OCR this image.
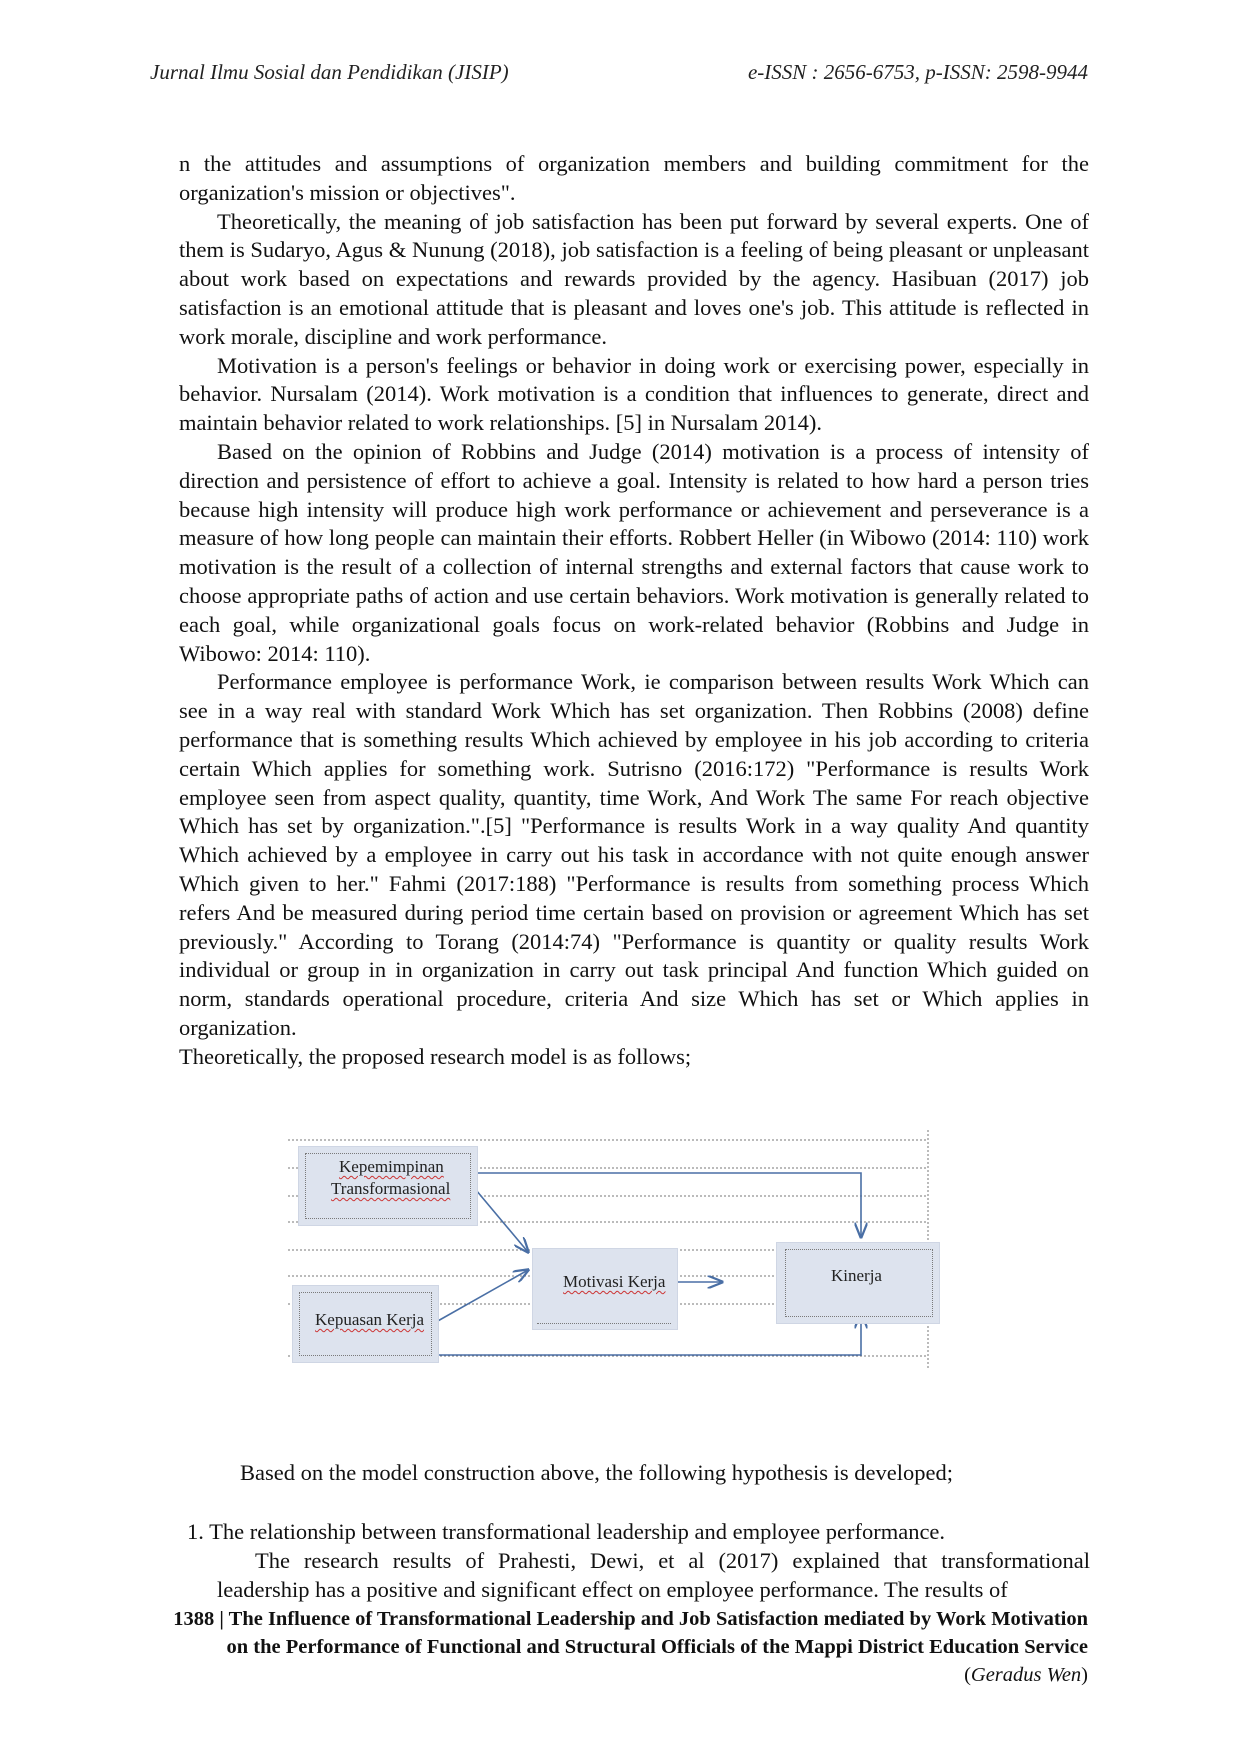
Jurnal Ilmu Sosial dan Pendidikan (JISIP)	e-ISSN : 2656-6753, p-ISSN: 2598-9944

n the attitudes and assumptions of organization members and building commitment for the organization's mission or objectives".

Theoretically, the meaning of job satisfaction has been put forward by several experts. One of them is Sudaryo, Agus & Nunung (2018), job satisfaction is a feeling of being pleasant or unpleasant about work based on expectations and rewards provided by the agency. Hasibuan (2017) job satisfaction is an emotional attitude that is pleasant and loves one's job. This attitude is reflected in work morale, discipline and work performance.

Motivation is a person's feelings or behavior in doing work or exercising power, especially in behavior. Nursalam (2014). Work motivation is a condition that influences to generate, direct and maintain behavior related to work relationships. [5] in Nursalam 2014).

Based on the opinion of Robbins and Judge (2014) motivation is a process of intensity of direction and persistence of effort to achieve a goal. Intensity is related to how hard a person tries because high intensity will produce high work performance or achievement and perseverance is a measure of how long people can maintain their efforts. Robbert Heller (in Wibowo (2014: 110) work motivation is the result of a collection of internal strengths and external factors that cause work to choose appropriate paths of action and use certain behaviors. Work motivation is generally related to each goal, while organizational goals focus on work-related behavior (Robbins and Judge in Wibowo: 2014: 110).

Performance employee is performance Work, ie comparison between results Work Which can see in a way real with standard Work Which has set organization. Then Robbins (2008) define performance that is something results Which achieved by employee in his job according to criteria certain Which applies for something work. Sutrisno (2016:172) "Performance is results Work employee seen from aspect quality, quantity, time Work, And Work The same For reach objective Which has set by organization.".[5] "Performance is results Work in a way quality And quantity Which achieved by a employee in carry out his task in accordance with not quite enough answer Which given to her." Fahmi (2017:188) "Performance is results from something process Which refers And be measured during period time certain based on provision or agreement Which has set previously." According to Torang (2014:74) "Performance is quantity or quality results Work individual or group in in organization in carry out task principal And function Which guided on norm, standards operational procedure, criteria And size Which has set or Which applies in organization.

Theoretically, the proposed research model is as follows;

Kepemimpinan
Transformasional
Kepuasan Kerja
Motivasi Kerja	Kinerja
Based on the model construction above, the following hypothesis is developed;

1. The relationship between transformational leadership and employee performance.

The research results of Prahesti, Dewi, et al (2017) explained that transformational leadership has a positive and significant effect on employee performance. The results of

1388 | The Influence of Transformational Leadership and Job Satisfaction mediated by Work Motivation on the Performance of Functional and Structural Officials of the Mappi District Education Service (Geradus Wen)
